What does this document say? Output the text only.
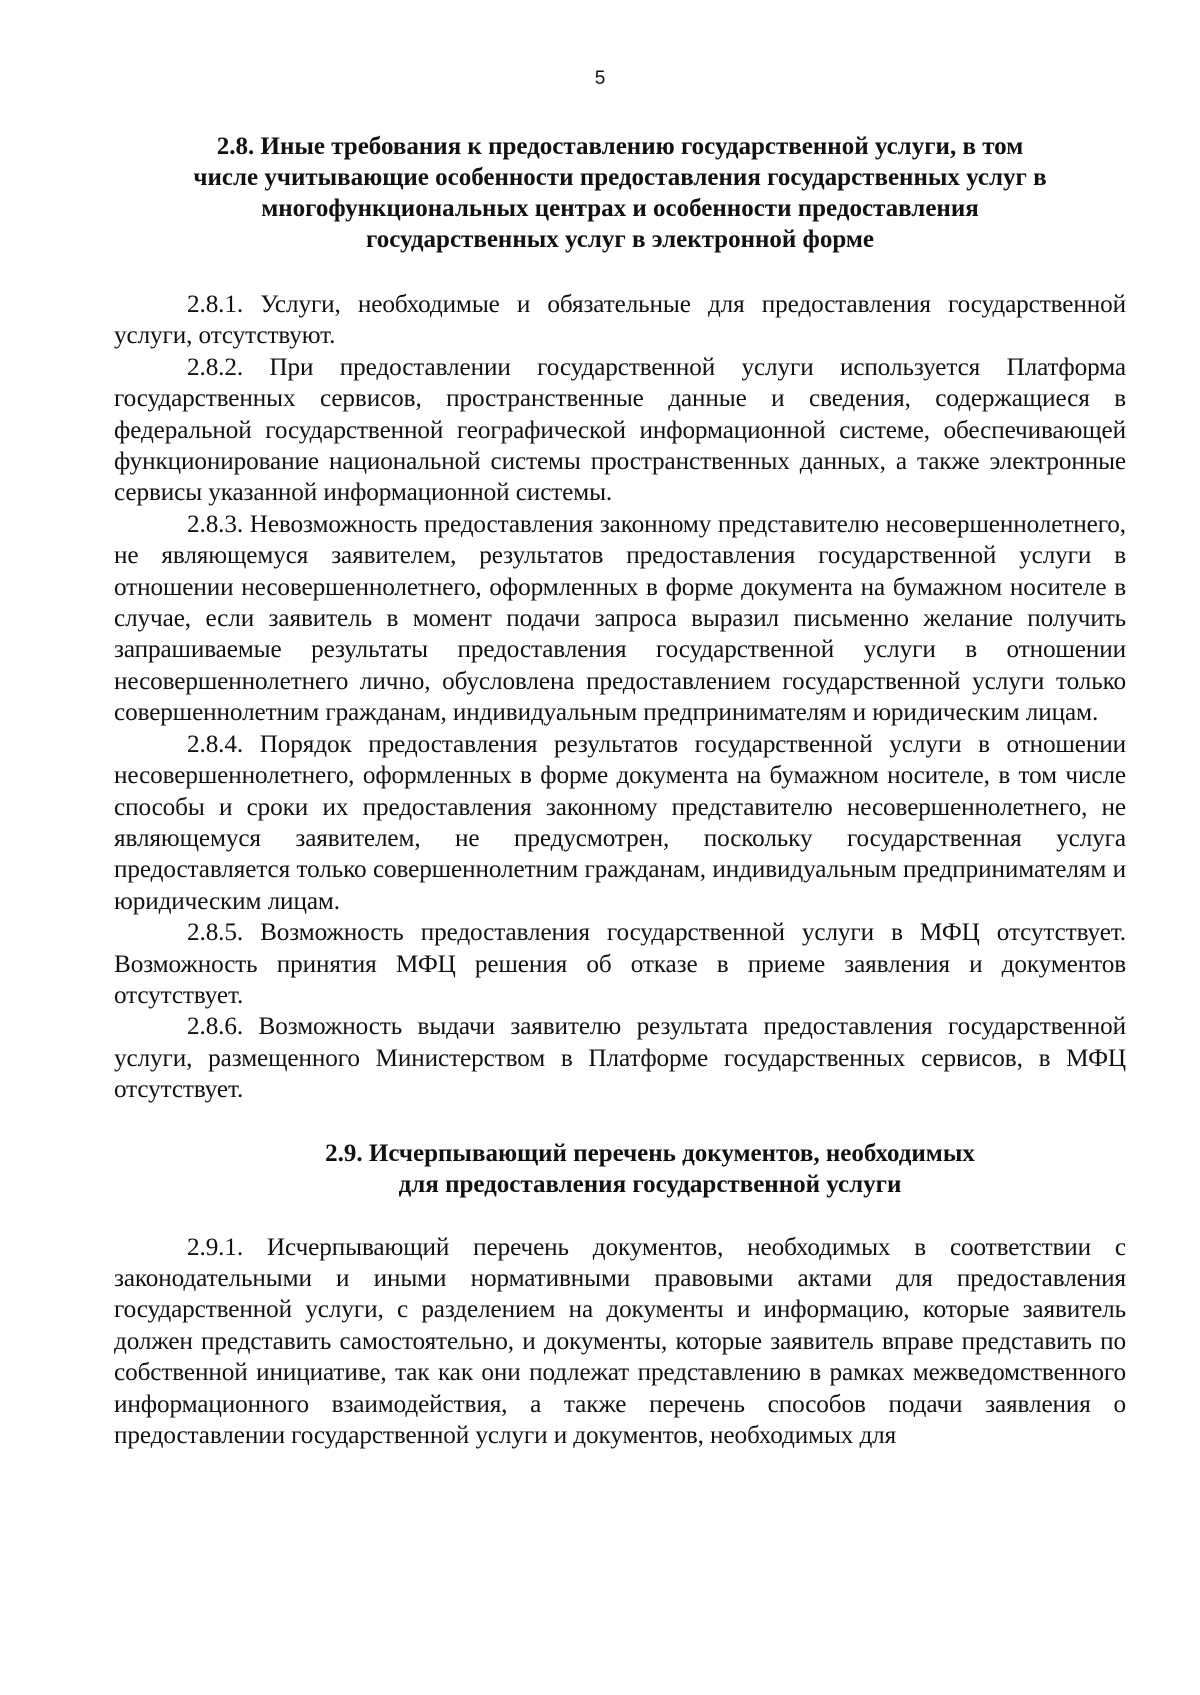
5
2.8. Иные требования к предоставлению государственной услуги, в том
числе учитывающие особенности предоставления государственных услуг в
многофункциональных центрах и особенности предоставления
государственных услуг в электронной форме

2.8.1. Услуги, необходимые и обязательные для предоставления государственной услуги, отсутствуют.

2.8.2. При предоставлении государственной услуги используется Платформа государственных сервисов, пространственные данные и сведения, содержащиеся в федеральной государственной географической информационной системе, обеспечивающей функционирование национальной системы пространственных данных, а также электронные сервисы указанной информационной системы.

2.8.3. Невозможность предоставления законному представителю несовершеннолетнего, не являющемуся заявителем, результатов предоставления государственной услуги в отношении несовершеннолетнего, оформленных в форме документа на бумажном носителе в случае, если заявитель в момент подачи запроса выразил письменно желание получить запрашиваемые результаты предоставления государственной услуги в отношении несовершеннолетнего лично, обусловлена предоставлением государственной услуги только совершеннолетним гражданам, индивидуальным предпринимателям и юридическим лицам.

2.8.4. Порядок предоставления результатов государственной услуги в отношении несовершеннолетнего, оформленных в форме документа на бумажном носителе, в том числе способы и сроки их предоставления законному представителю несовершеннолетнего, не являющемуся заявителем, не предусмотрен, поскольку государственная услуга предоставляется только совершеннолетним гражданам, индивидуальным предпринимателям и юридическим лицам.

2.8.5. Возможность предоставления государственной услуги в МФЦ отсутствует. Возможность принятия МФЦ решения об отказе в приеме заявления и документов отсутствует.

2.8.6. Возможность выдачи заявителю результата предоставления государственной услуги, размещенного Министерством в Платформе государственных сервисов, в МФЦ отсутствует.

2.9. Исчерпывающий перечень документов, необходимых
для предоставления государственной услуги

2.9.1. Исчерпывающий перечень документов, необходимых в соответствии с законодательными и иными нормативными правовыми актами для предоставления государственной услуги, с разделением на документы и информацию, которые заявитель должен представить самостоятельно, и документы, которые заявитель вправе представить по собственной инициативе, так как они подлежат представлению в рамках межведомственного информационного взаимодействия, а также перечень способов подачи заявления о предоставлении государственной услуги и документов, необходимых для
